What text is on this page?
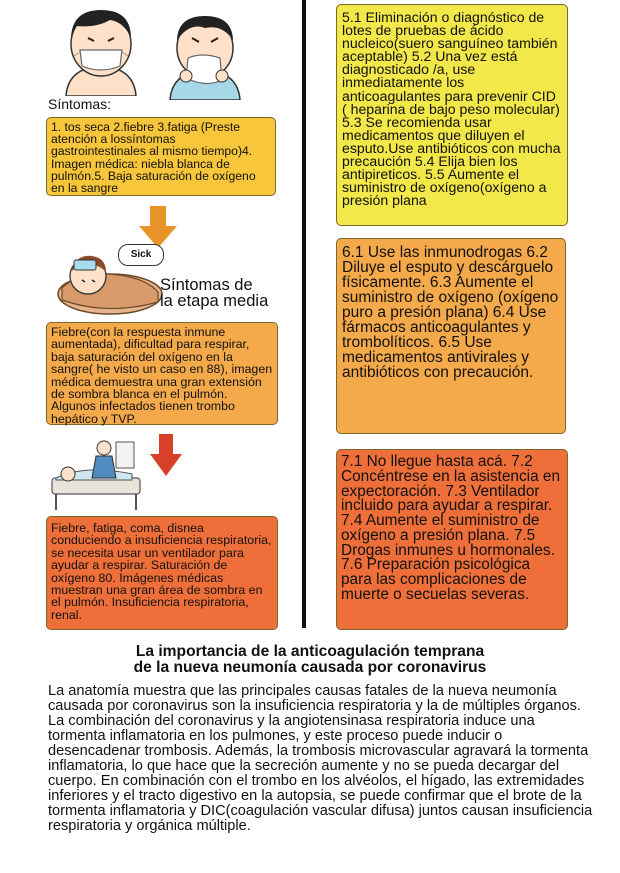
Síntomas:
1. tos seca 2.fiebre 3.fatiga (Preste atención a lossíntomas gastrointestinales al mismo tiempo)4. Imagen médica: niebla blanca de pulmón.5. Baja saturación de oxígeno en la sangre
Sick
Síntomas de
la etapa media
Fiebre(con la respuesta inmune aumentada), dificultad para respirar, baja saturación del oxígeno en la sangre( he visto un caso en 88), imagen médica demuestra una gran extensión de sombra blanca en el pulmón. Algunos infectados tienen trombo hepático y TVP.
Fiebre, fatiga, coma, disnea conduciendo a insuficiencia respiratoria, se necesita usar un ventilador para ayudar a respirar. Saturación de oxígeno 80. Imágenes médicas muestran una gran área de sombra en el pulmón. Insuficiencia respiratoria, renal.
5.1 Eliminación o diagnóstico de lotes de pruebas de ácido nucleico(suero sanguíneo también aceptable) 5.2 Una vez está diagnosticado /a, use inmediatamente los anticoagulantes para prevenir CID ( heparina de bajo peso molecular) 5.3 Se recomienda usar medicamentos que diluyen el esputo.Use antibióticos con mucha precaución 5.4 Elija bien los antipireticos. 5.5 Aumente el suministro de oxígeno(oxígeno a presión plana
6.1 Use las inmunodrogas 6.2 Diluye el esputo y descárguelo físicamente. 6.3 Aumente el suministro de oxígeno (oxígeno puro a presión plana) 6.4 Use fármacos anticoagulantes y trombolíticos. 6.5 Use medicamentos antivirales y antibióticos con precaución.
7.1 No llegue hasta acá. 7.2 Concéntrese en la asistencia en expectoración. 7.3 Ventilador incluido para ayudar a respirar. 7.4 Aumente el suministro de oxígeno a presión plana. 7.5 Drogas inmunes u hormonales. 7.6 Preparación psicológica para las complicaciones de muerte o secuelas severas.
La importancia de la anticoagulación temprana
de la nueva neumonía causada por coronavirus
La anatomía muestra que las principales causas fatales de la nueva neumonía causada por coronavirus son la insuficiencia respiratoria y la de múltiples órganos. La combinación del coronavirus y la angiotensinasa respiratoria induce una tormenta inflamatoria en los pulmones, y este proceso puede inducir o desencadenar trombosis. Además, la trombosis microvascular agravará la tormenta inflamatoria, lo que hace que la secreción aumente y no se pueda decargar del cuerpo. En combinación con el trombo en los alvéolos, el hígado, las extremidades inferiores y el tracto digestivo en la autopsia, se puede confirmar que el brote de la tormenta inflamatoria y DIC(coagulación vascular difusa) juntos causan insuficiencia respiratoria y orgánica múltiple.
